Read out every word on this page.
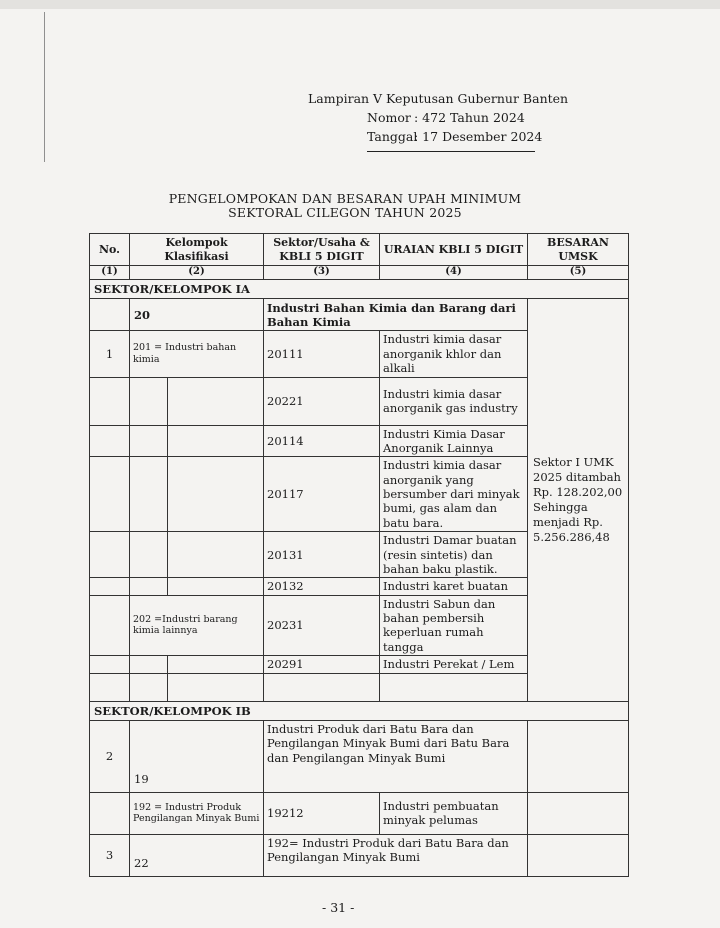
Lampiran V Keputusan Gubernur Banten
Nomor : 472 Tahun 2024
Tanggal
: 17 Desember 2024
PENGELOMPOKAN DAN BESARAN UPAH MINIMUM
SEKTORAL CILEGON TAHUN 2025
No.	Kelompok Klasifikasi		Sektor/Usaha & KBLI 5 DIGIT	URAIAN KBLI 5 DIGIT	BESARAN UMSK
(1)	(2)		(3)	(4)	(5)
SEKTOR/KELOMPOK IA					
	20		Industri Bahan Kimia dan Barang dari Bahan Kimia		Sektor I UMK 2025 ditambah Rp. 128.202,00 Sehingga menjadi Rp. 5.256.286,48
1	201 = Industri bahan kimia		20111	Industri kimia dasar anorganik khlor dan alkali	
			20221	Industri kimia dasar anorganik gas industry	
			20114	Industri Kimia Dasar Anorganik Lainnya	
			20117	Industri kimia dasar anorganik yang bersumber dari minyak bumi, gas alam dan batu bara.	
			20131	Industri Damar buatan (resin sintetis) dan bahan baku plastik.	
			20132	Industri karet buatan	
	202 =Industri barang kimia lainnya		20231	Industri Sabun dan bahan pembersih keperluan rumah tangga	
			20291	Industri Perekat / Lem	

SEKTOR/KELOMPOK IB					
2	19		Industri Produk dari Batu Bara dan Pengilangan Minyak Bumi dari Batu Bara dan Pengilangan Minyak Bumi		
	192 = Industri Produk Pengilangan Minyak Bumi		19212	Industri pembuatan minyak pelumas	
3	22		192= Industri Produk dari Batu Bara dan Pengilangan Minyak Bumi		
- 31 -
